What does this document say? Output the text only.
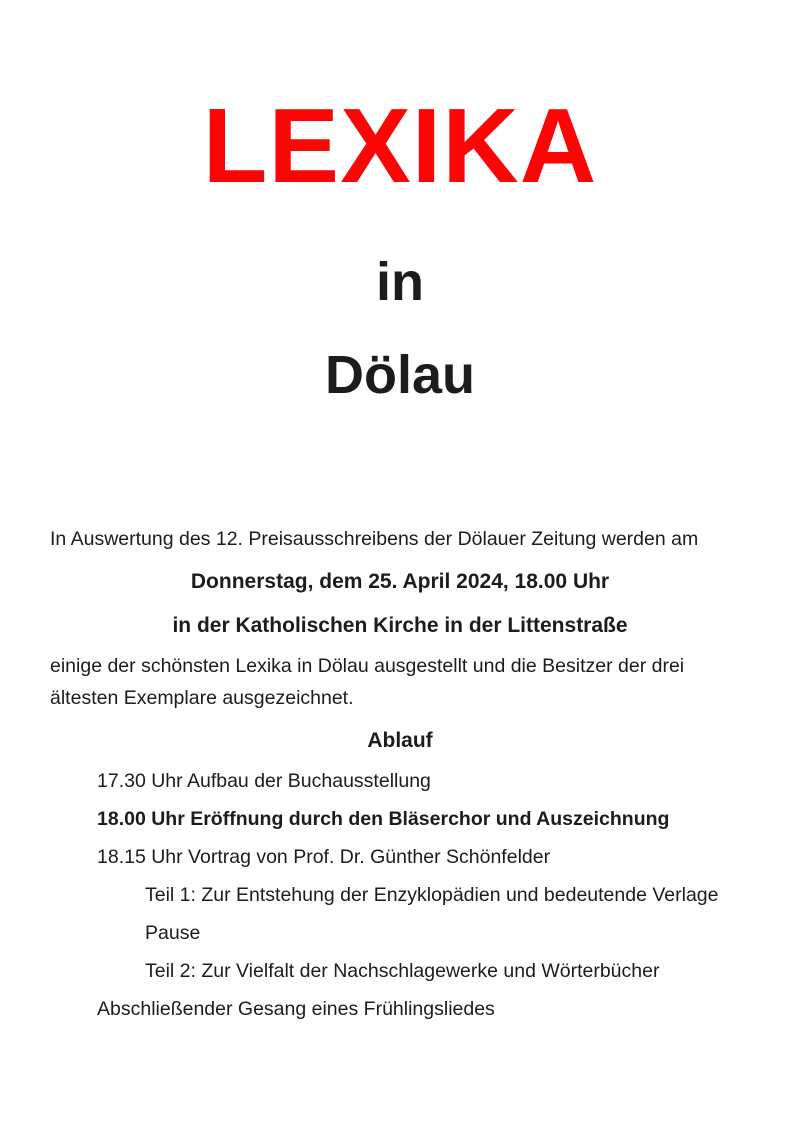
LEXIKA
in
Dölau

In Auswertung des 12. Preisausschreibens der Dölauer Zeitung werden am

Donnerstag, dem 25. April 2024, 18.00 Uhr

in der Katholischen Kirche in der Littenstraße

einige der schönsten Lexika in Dölau ausgestellt und die Besitzer der drei
ältesten Exemplare ausgezeichnet.

Ablauf

17.30 Uhr Aufbau der Buchausstellung
18.00 Uhr Eröffnung durch den Bläserchor und Auszeichnung
18.15 Uhr Vortrag von Prof. Dr. Günther Schönfelder
Teil 1: Zur Entstehung der Enzyklopädien und bedeutende Verlage
Pause
Teil 2: Zur Vielfalt der Nachschlagewerke und Wörterbücher
Abschließender Gesang eines Frühlingsliedes
